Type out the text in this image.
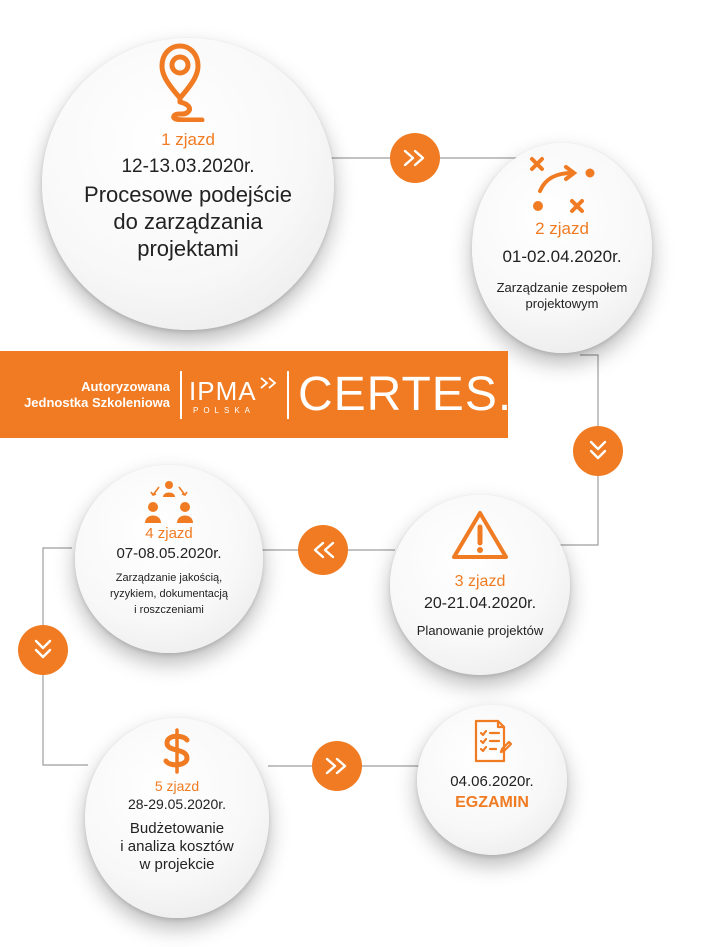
1 zjazd
12-13.03.2020r.
Procesowe podejście
do zarządzania
projektami
2 zjazd
01-02.04.2020r.
Zarządzanie zespołem
projektowym
Autoryzowana
Jednostka Szkoleniowa IPMA
POLSKA CERTES.
3 zjazd
20-21.04.2020r.
Planowanie projektów
4 zjazd
07-08.05.2020r.
Zarządzanie jakością,
ryzykiem, dokumentacją
i roszczeniami
5 zjazd
28-29.05.2020r.
Budżetowanie
i analiza kosztów
w projekcie
04.06.2020r.
EGZAMIN
